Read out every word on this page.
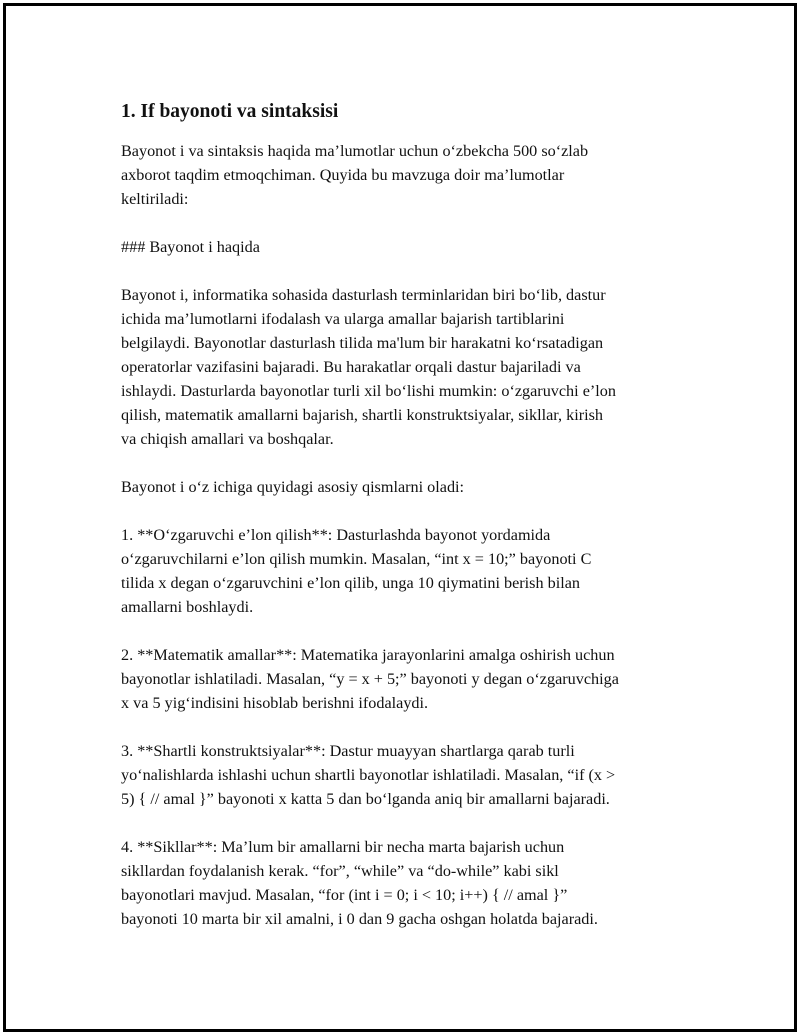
1. If bayonoti va sintaksisi
Bayonot i va sintaksis haqida ma’lumotlar uchun o‘zbekcha 500 so‘zlab
axborot taqdim etmoqchiman. Quyida bu mavzuga doir ma’lumotlar
keltiriladi:
### Bayonot i haqida
Bayonot i, informatika sohasida dasturlash terminlaridan biri bo‘lib, dastur
ichida ma’lumotlarni ifodalash va ularga amallar bajarish tartiblarini
belgilaydi. Bayonotlar dasturlash tilida ma'lum bir harakatni ko‘rsatadigan
operatorlar vazifasini bajaradi. Bu harakatlar orqali dastur bajariladi va
ishlaydi. Dasturlarda bayonotlar turli xil bo‘lishi mumkin: o‘zgaruvchi e’lon
qilish, matematik amallarni bajarish, shartli konstruktsiyalar, sikllar, kirish
va chiqish amallari va boshqalar.
Bayonot i o‘z ichiga quyidagi asosiy qismlarni oladi:
1. **O‘zgaruvchi e’lon qilish**: Dasturlashda bayonot yordamida
o‘zgaruvchilarni e’lon qilish mumkin. Masalan, “int x = 10;” bayonoti C
tilida x degan o‘zgaruvchini e’lon qilib, unga 10 qiymatini berish bilan
amallarni boshlaydi.
2. **Matematik amallar**: Matematika jarayonlarini amalga oshirish uchun
bayonotlar ishlatiladi. Masalan, “y = x + 5;” bayonoti y degan o‘zgaruvchiga
x va 5 yig‘indisini hisoblab berishni ifodalaydi.
3. **Shartli konstruktsiyalar**: Dastur muayyan shartlarga qarab turli
yo‘nalishlarda ishlashi uchun shartli bayonotlar ishlatiladi. Masalan, “if (x >
5) { // amal }” bayonoti x katta 5 dan bo‘lganda aniq bir amallarni bajaradi.
4. **Sikllar**: Ma’lum bir amallarni bir necha marta bajarish uchun
sikllardan foydalanish kerak. “for”, “while” va “do-while” kabi sikl
bayonotlari mavjud. Masalan, “for (int i = 0; i < 10; i++) { // amal }”
bayonoti 10 marta bir xil amalni, i 0 dan 9 gacha oshgan holatda bajaradi.
